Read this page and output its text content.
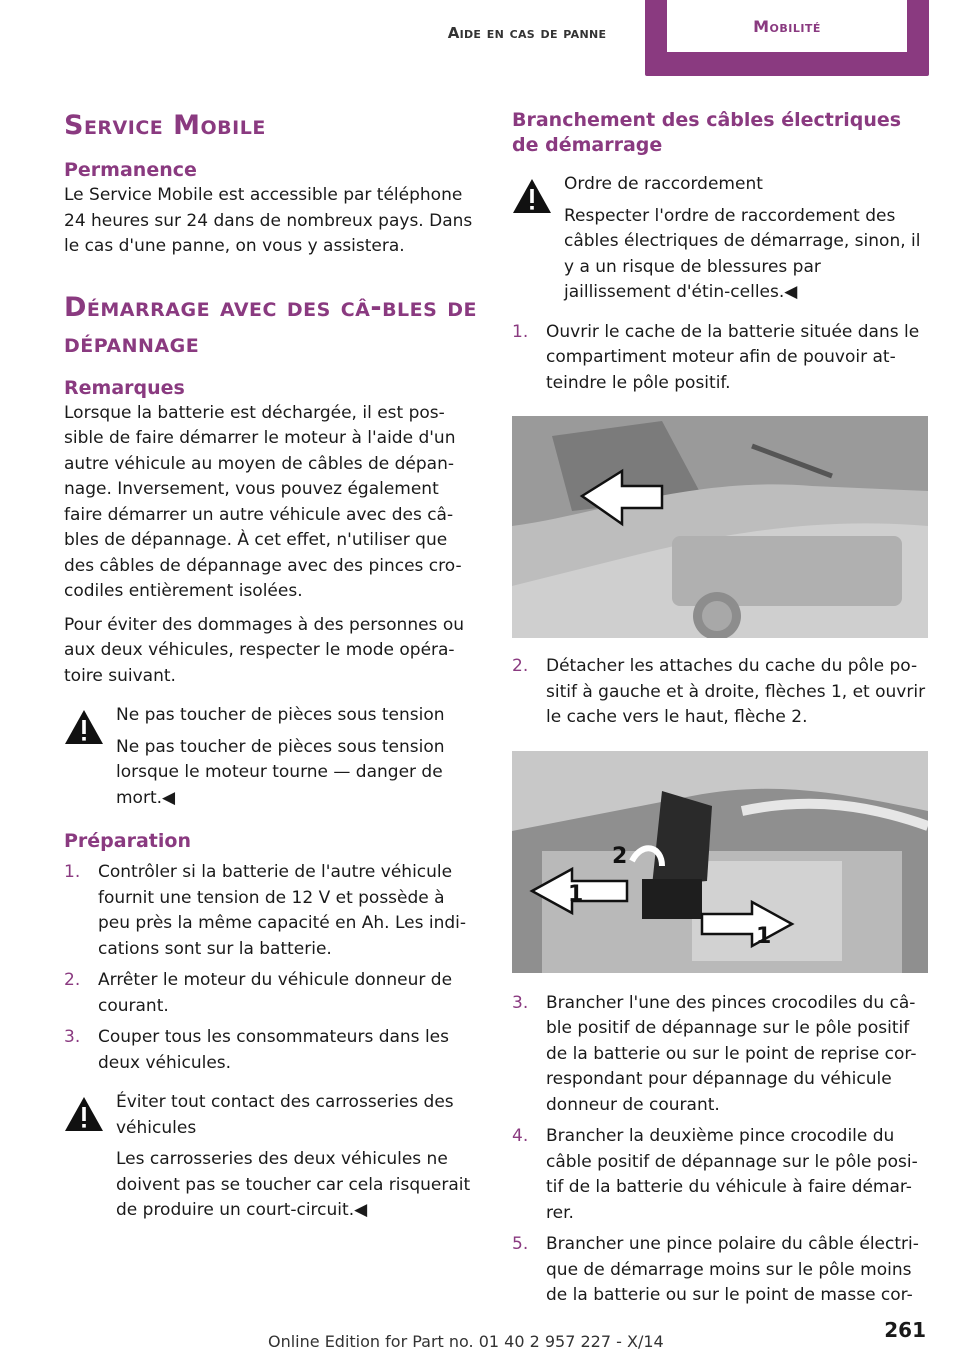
Aide en cas de panne	Mobilité
Service Mobile
Permanence

Le Service Mobile est accessible par téléphone 24 heures sur 24 dans de nombreux pays. Dans le cas d'une panne, on vous y assistera.

Démarrage avec des câ-bles de dépannage
Remarques

Lorsque la batterie est déchargée, il est pos-sible de faire démarrer le moteur à l'aide d'un autre véhicule au moyen de câbles de dépan-nage. Inversement, vous pouvez également faire démarrer un autre véhicule avec des câ-bles de dépannage. À cet effet, n'utiliser que des câbles de dépannage avec des pinces cro-codiles entièrement isolées.

Pour éviter des dommages à des personnes ou aux deux véhicules, respecter le mode opéra-toire suivant.

Ne pas toucher de pièces sous tension

Ne pas toucher de pièces sous tension lorsque le moteur tourne — danger de mort.◀

Préparation
1. Contrôler si la batterie de l'autre véhicule fournit une tension de 12 V et possède à peu près la même capacité en Ah. Les indi-cations sont sur la batterie.
2. Arrêter le moteur du véhicule donneur de courant.
3. Couper tous les consommateurs dans les deux véhicules.

Éviter tout contact des carrosseries des véhicules

Les carrosseries des deux véhicules ne doivent pas se toucher car cela risquerait de produire un court-circuit.◀

Branchement des câbles électriques de démarrage

Ordre de raccordement

Respecter l'ordre de raccordement des câbles électriques de démarrage, sinon, il y a un risque de blessures par jaillissement d'étin-celles.◀

1. Ouvrir le cache de la batterie située dans le compartiment moteur afin de pouvoir at-teindre le pôle positif.
2. Détacher les attaches du cache du pôle po-sitif à gauche et à droite, flèches 1, et ouvrir le cache vers le haut, flèche 2.
1
1
2
3. Brancher l'une des pinces crocodiles du câ-ble positif de dépannage sur le pôle positif de la batterie ou sur le point de reprise cor-respondant pour dépannage du véhicule donneur de courant.
4. Brancher la deuxième pince crocodile du câble positif de dépannage sur le pôle posi-tif de la batterie du véhicule à faire démar-rer.
5. Brancher une pince polaire du câble électri-que de démarrage moins sur le pôle moins de la batterie ou sur le point de masse cor-
261
Online Edition for Part no. 01 40 2 957 227 - X/14
